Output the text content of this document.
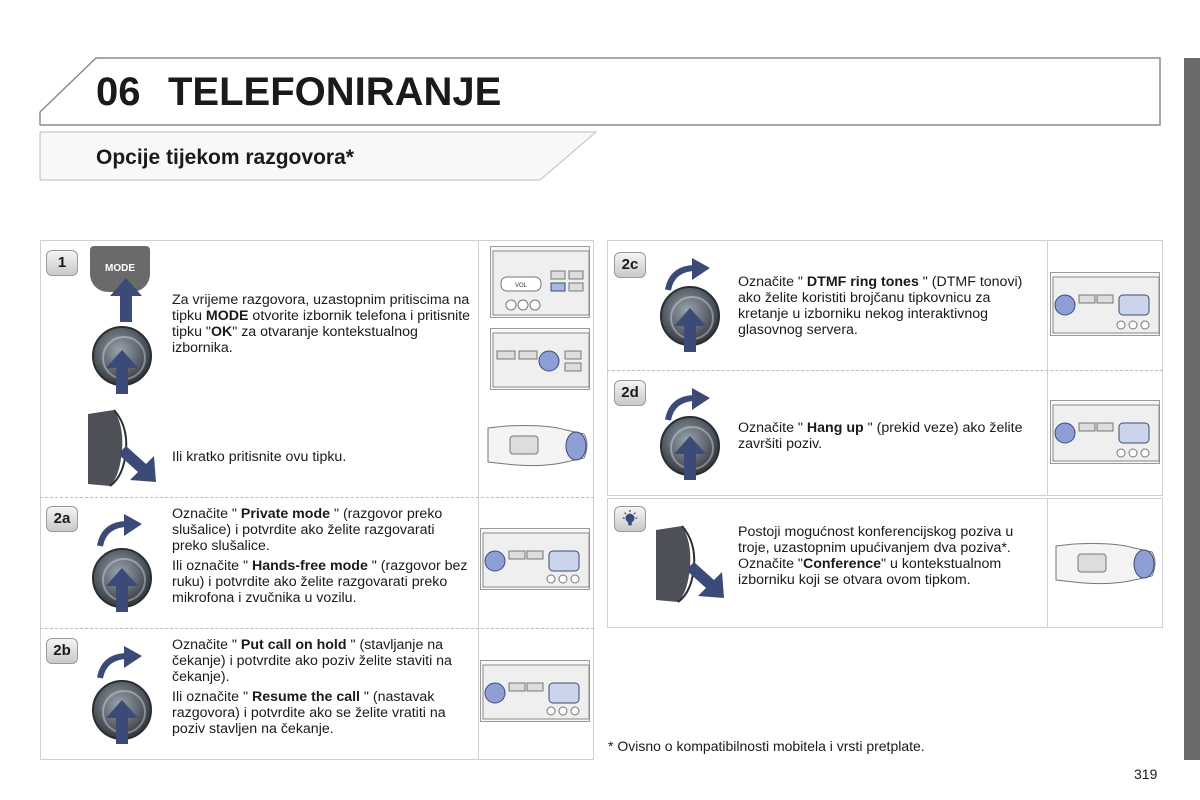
06 TELEFONIRANJE
Opcije tijekom razgovora*
1	MODE
Za vrijeme razgovora, uzastopnim pritiscima na tipku MODE otvorite izbornik telefona i pritisnite tipku "OK" za otvaranje kontekstualnog izbornika.
VOL
Ili kratko pritisnite ovu tipku.
2a	Označite " Private mode " (razgovor preko slušalice) i potvrdite ako želite razgovarati preko slušalice.

Ili označite " Hands-free mode " (razgovor bez ruku) i potvrdite ako želite razgovarati preko mikrofona i zvučnika u vozilu.

2b	Označite " Put call on hold " (stavljanje na čekanje) i potvrdite ako poziv želite staviti na čekanje).

Ili označite " Resume the call " (nastavak razgovora) i potvrdite ako se želite vratiti na poziv stavljen na čekanje.

2c
Označite " DTMF ring tones " (DTMF tonovi) ako želite koristiti brojčanu tipkovnicu za kretanje u izborniku nekog interaktivnog glasovnog servera.
2d
Označite " Hang up " (prekid veze) ako želite završiti poziv.
Postoji mogućnost konferencijskog poziva u troje, uzastopnim upućivanjem dva poziva*. Označite "Conference" u kontekstualnom izborniku koji se otvara ovom tipkom.
* Ovisno o kompatibilnosti mobitela i vrsti pretplate.
319
